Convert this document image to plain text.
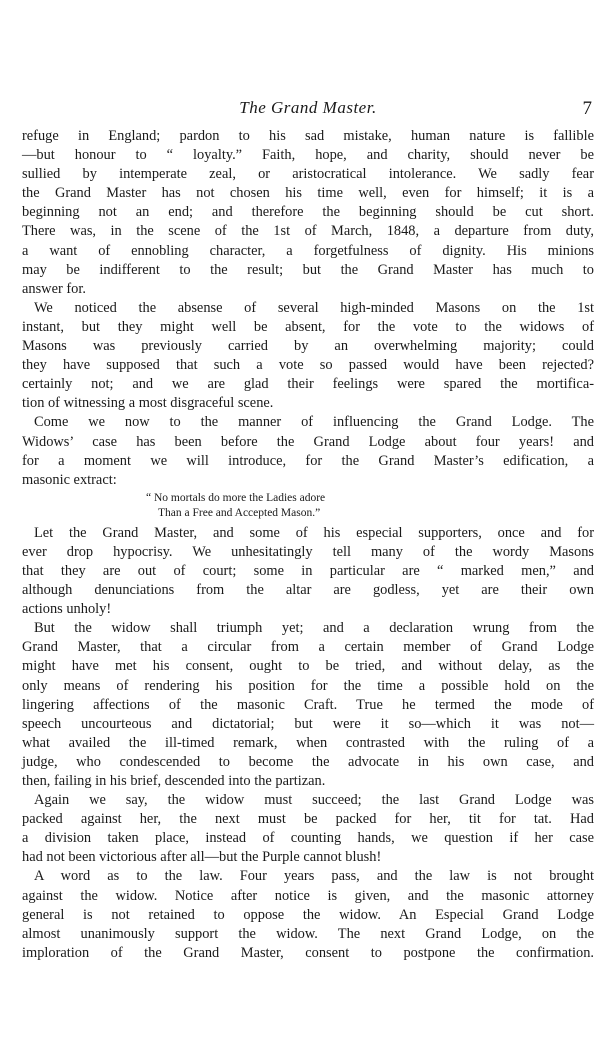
The Grand Master.	7
refuge in England; pardon to his sad mistake, human nature is fallible
—but honour to “ loyalty.” Faith, hope, and charity, should never be
sullied by intemperate zeal, or aristocratical intolerance. We sadly fear
the Grand Master has not chosen his time well, even for himself; it is a
beginning not an end; and therefore the beginning should be cut short.
There was, in the scene of the 1st of March, 1848, a departure from duty,
a want of ennobling character, a forgetfulness of dignity. His minions
may be indifferent to the result; but the Grand Master has much to
answer for.
We noticed the absense of several high-minded Masons on the 1st
instant, but they might well be absent, for the vote to the widows of
Masons was previously carried by an overwhelming majority; could
they have supposed that such a vote so passed would have been rejected?
certainly not; and we are glad their feelings were spared the mortifica-
tion of witnessing a most disgraceful scene.
Come we now to the manner of influencing the Grand Lodge. The
Widows’ case has been before the Grand Lodge about four years! and
for a moment we will introduce, for the Grand Master’s edification, a
masonic extract:
“ No mortals do more the Ladies adore
Than a Free and Accepted Mason.”
Let the Grand Master, and some of his especial supporters, once and for
ever drop hypocrisy. We unhesitatingly tell many of the wordy Masons
that they are out of court; some in particular are “ marked men,” and
although denunciations from the altar are godless, yet are their own
actions unholy!
But the widow shall triumph yet; and a declaration wrung from the
Grand Master, that a circular from a certain member of Grand Lodge
might have met his consent, ought to be tried, and without delay, as the
only means of rendering his position for the time a possible hold on the
lingering affections of the masonic Craft. True he termed the mode of
speech uncourteous and dictatorial; but were it so—which it was not—
what availed the ill-timed remark, when contrasted with the ruling of a
judge, who condescended to become the advocate in his own case, and
then, failing in his brief, descended into the partizan.
Again we say, the widow must succeed; the last Grand Lodge was
packed against her, the next must be packed for her, tit for tat. Had
a division taken place, instead of counting hands, we question if her case
had not been victorious after all—but the Purple cannot blush!
A word as to the law. Four years pass, and the law is not brought
against the widow. Notice after notice is given, and the masonic attorney
general is not retained to oppose the widow. An Especial Grand Lodge
almost unanimously support the widow. The next Grand Lodge, on the
imploration of the Grand Master, consent to postpone the confirmation.
